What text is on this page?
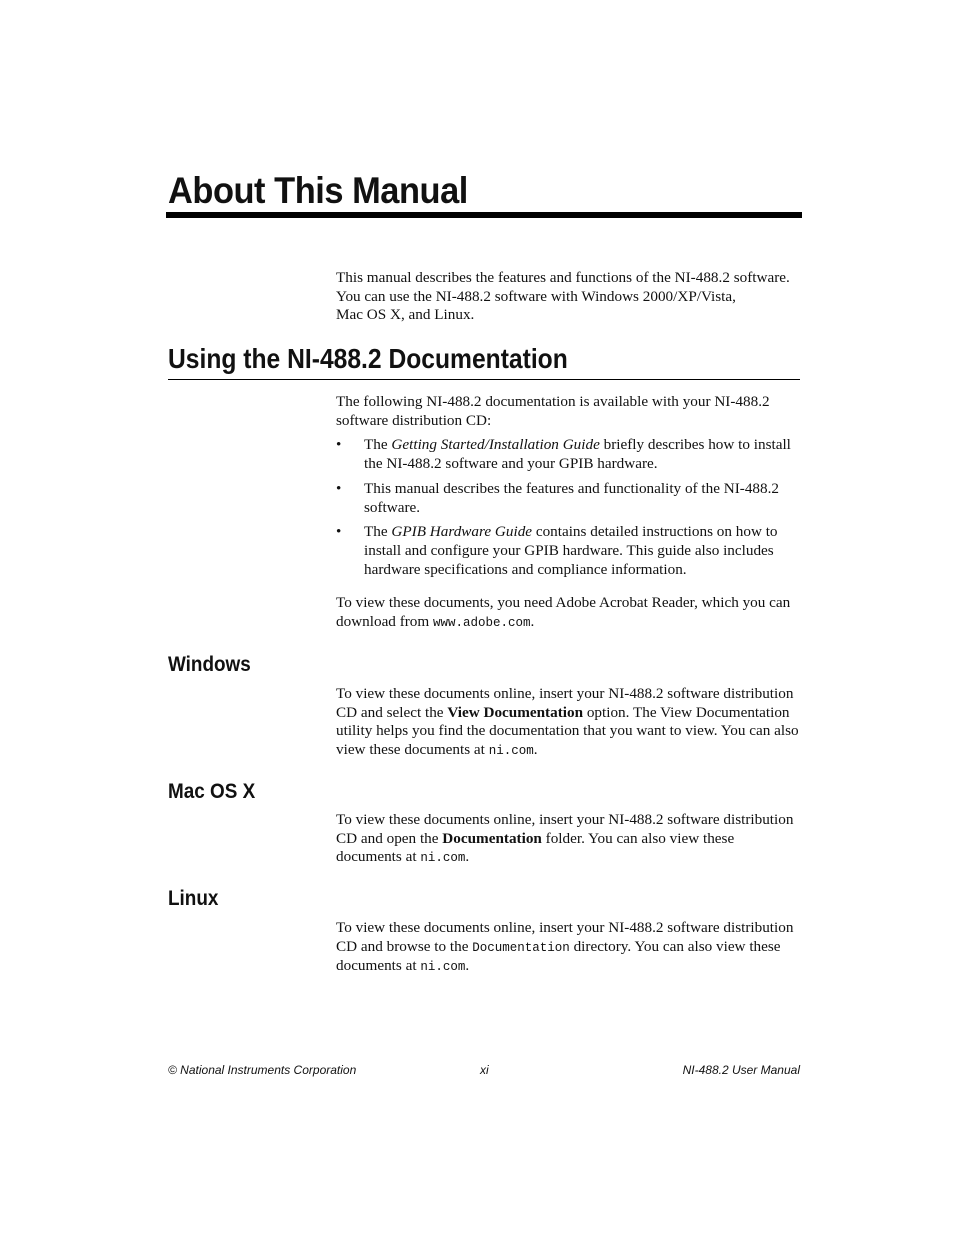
About This Manual

This manual describes the features and functions of the NI-488.2 software.

You can use the NI-488.2 software with Windows 2000/XP/Vista,

Mac OS X, and Linux.

Using the NI-488.2 Documentation

The following NI-488.2 documentation is available with your NI-488.2 software distribution CD:

• The Getting Started/Installation Guide briefly describes how to install the NI-488.2 software and your GPIB hardware.
• This manual describes the features and functionality of the NI-488.2 software.
• The GPIB Hardware Guide contains detailed instructions on how to install and configure your GPIB hardware. This guide also includes hardware specifications and compliance information.

To view these documents, you need Adobe Acrobat Reader, which you can download from www.adobe.com.

Windows

To view these documents online, insert your NI-488.2 software distribution CD and select the View Documentation option. The View Documentation utility helps you find the documentation that you want to view. You can also view these documents at ni.com.

Mac OS X

To view these documents online, insert your NI-488.2 software distribution CD and open the Documentation folder. You can also view these documents at ni.com.

Linux

To view these documents online, insert your NI-488.2 software distribution CD and browse to the Documentation directory. You can also view these documents at ni.com.

© National Instruments Corporation	xi	NI-488.2 User Manual
